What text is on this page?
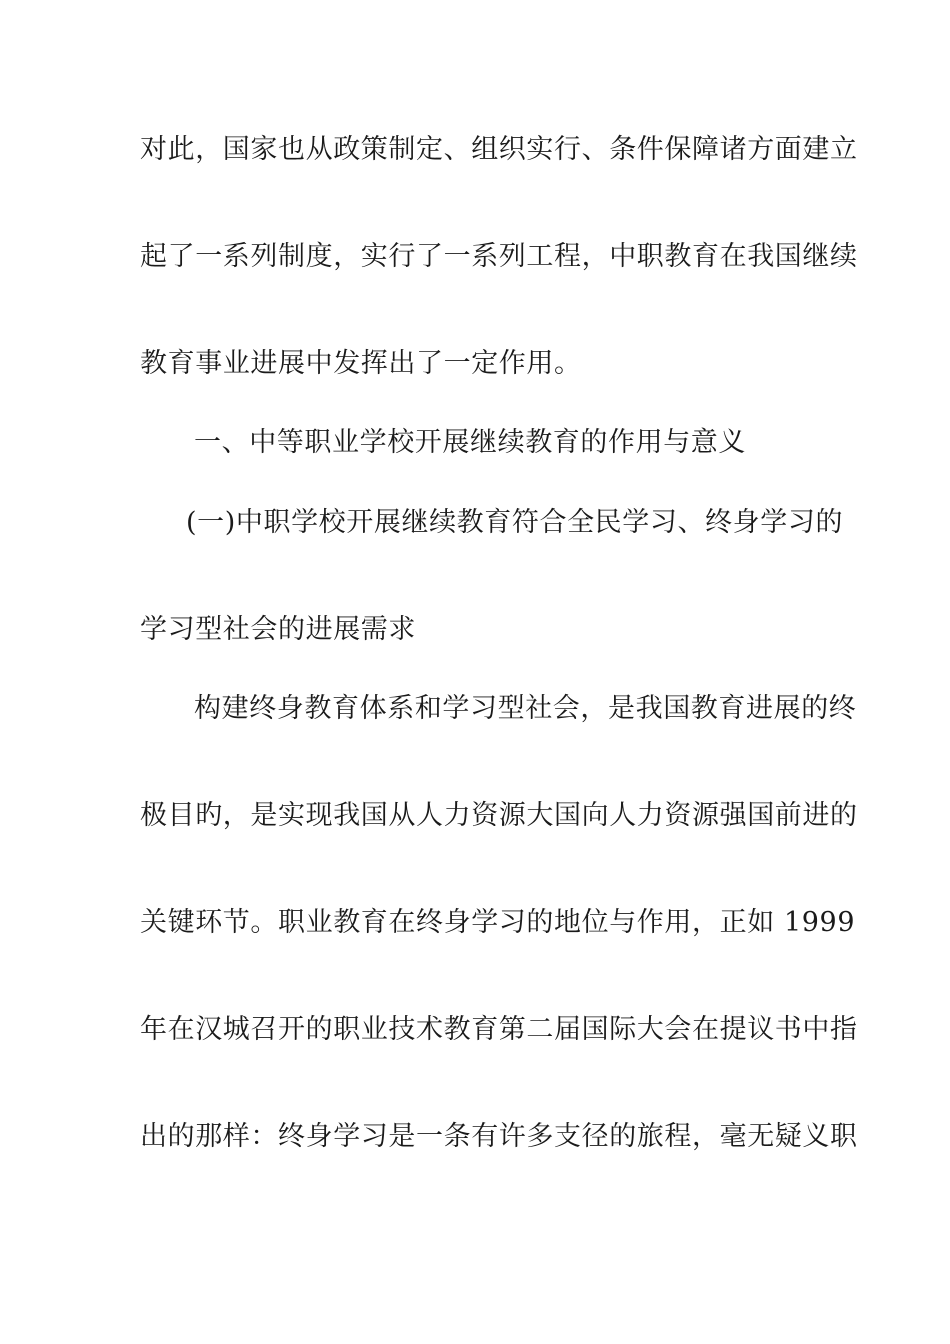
对此，国家也从政策制定、组织实行、条件保障诸方面建立
起了一系列制度，实行了一系列工程，中职教育在我国继续
教育事业进展中发挥出了一定作用。
一、中等职业学校开展继续教育的作用与意义
(一)中职学校开展继续教育符合全民学习、终身学习的
学习型社会的进展需求
构建终身教育体系和学习型社会，是我国教育进展的终
极目旳，是实现我国从人力资源大国向人力资源强国前进的
关键环节。职业教育在终身学习的地位与作用，正如 1999
年在汉城召开的职业技术教育第二届国际大会在提议书中指
出的那样：终身学习是一条有许多支径的旅程，毫无疑义职
